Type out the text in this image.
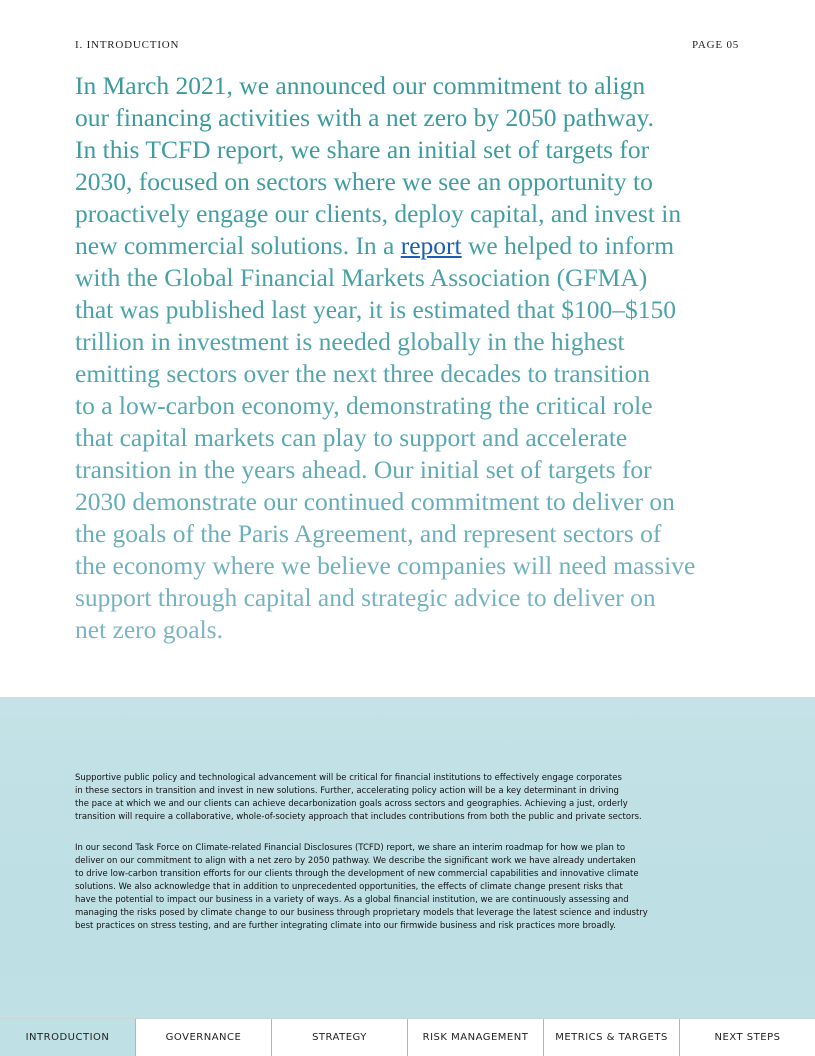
I. INTRODUCTION	PAGE 05
In March 2021, we announced our commitment to align
our financing activities with a net zero by 2050 pathway.
In this TCFD report, we share an initial set of targets for
2030, focused on sectors where we see an opportunity to
proactively engage our clients, deploy capital, and invest in
new commercial solutions. In a report we helped to inform
with the Global Financial Markets Association (GFMA)
that was published last year, it is estimated that $100–$150
trillion in investment is needed globally in the highest
emitting sectors over the next three decades to transition
to a low-carbon economy, demonstrating the critical role
that capital markets can play to support and accelerate
transition in the years ahead. Our initial set of targets for
2030 demonstrate our continued commitment to deliver on
the goals of the Paris Agreement, and represent sectors of
the economy where we believe companies will need massive
support through capital and strategic advice to deliver on
net zero goals.
Supportive public policy and technological advancement will be critical for financial institutions to effectively engage corporates
in these sectors in transition and invest in new solutions. Further, accelerating policy action will be a key determinant in driving
the pace at which we and our clients can achieve decarbonization goals across sectors and geographies. Achieving a just, orderly
transition will require a collaborative, whole-of-society approach that includes contributions from both the public and private sectors.
In our second Task Force on Climate-related Financial Disclosures (TCFD) report, we share an interim roadmap for how we plan to
deliver on our commitment to align with a net zero by 2050 pathway. We describe the significant work we have already undertaken
to drive low-carbon transition efforts for our clients through the development of new commercial capabilities and innovative climate
solutions. We also acknowledge that in addition to unprecedented opportunities, the effects of climate change present risks that
have the potential to impact our business in a variety of ways. As a global financial institution, we are continuously assessing and
managing the risks posed by climate change to our business through proprietary models that leverage the latest science and industry
best practices on stress testing, and are further integrating climate into our firmwide business and risk practices more broadly.
INTRODUCTION	GOVERNANCE	STRATEGY	RISK MANAGEMENT	METRICS & TARGETS	NEXT STEPS
